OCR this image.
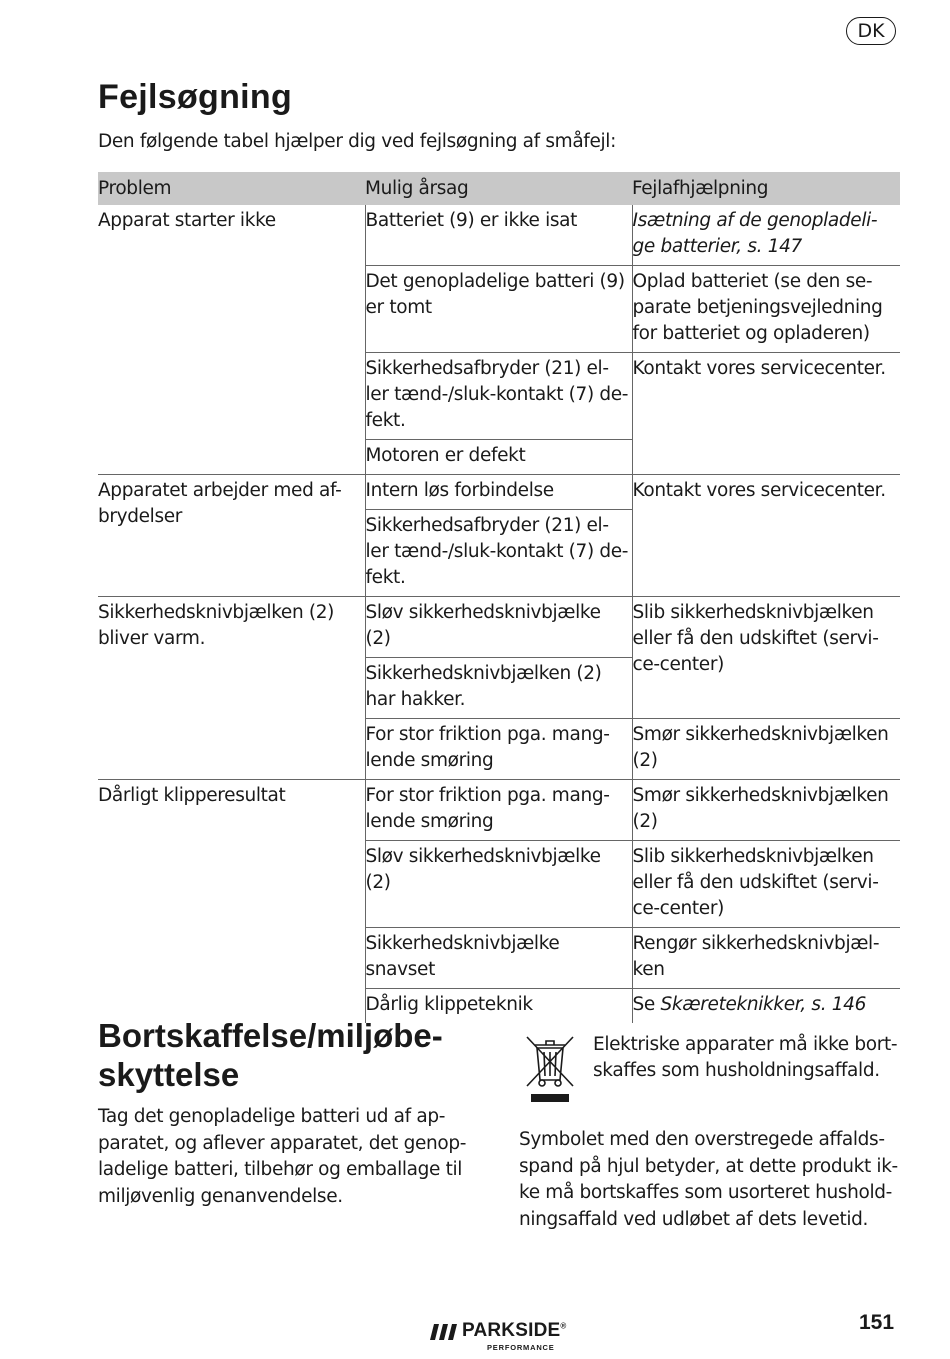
DK
Fejlsøgning

Den følgende tabel hjælper dig ved fejlsøgning af småfejl:

Problem	Mulig årsag	Fejlafhjælpning
Apparat starter ikke	Batteriet (9) er ikke isat	Isætning af de genopladeli-ge batterier, s. 147
	Det genopladelige batteri (9) er tomt	Oplad batteriet (se den se-parate betjeningsvejledning for batteriet og opladeren)
	Sikkerhedsafbryder (21) el-ler tænd-/sluk-kontakt (7) de-fekt.	Kontakt vores servicecenter.
	Motoren er defekt	
Apparatet arbejder med af-brydelser	Intern løs forbindelse	Kontakt vores servicecenter.
	Sikkerhedsafbryder (21) el-ler tænd-/sluk-kontakt (7) de-fekt.	
Sikkerhedsknivbjælken (2) bliver varm.	Sløv sikkerhedsknivbjælke (2)	Slib sikkerhedsknivbjælken eller få den udskiftet (servi-ce-center)
	Sikkerhedsknivbjælken (2) har hakker.	
	For stor friktion pga. mang-lende smøring	Smør sikkerhedsknivbjælken (2)
Dårligt klipperesultat	For stor friktion pga. mang-lende smøring	Smør sikkerhedsknivbjælken (2)
	Sløv sikkerhedsknivbjælke (2)	Slib sikkerhedsknivbjælken eller få den udskiftet (servi-ce-center)
	Sikkerhedsknivbjælke snavset	Rengør sikkerhedsknivbjæl-ken
	Dårlig klippeteknik	Se Skæreteknikker, s. 146
Bortskaffelse/miljøbe-skyttelse

Tag det genopladelige batteri ud af ap-paratet, og aflever apparatet, det genop-ladelige batteri, tilbehør og emballage til miljøvenlig genanvendelse.

Elektriske apparater må ikke bort-skaffes som husholdningsaffald.

Symbolet med den overstregede affalds-spand på hjul betyder, at dette produkt ik-ke må bortskaffes som usorteret hushold-ningsaffald ved udløbet af dets levetid.

PARKSIDE®
PERFORMANCE
151
